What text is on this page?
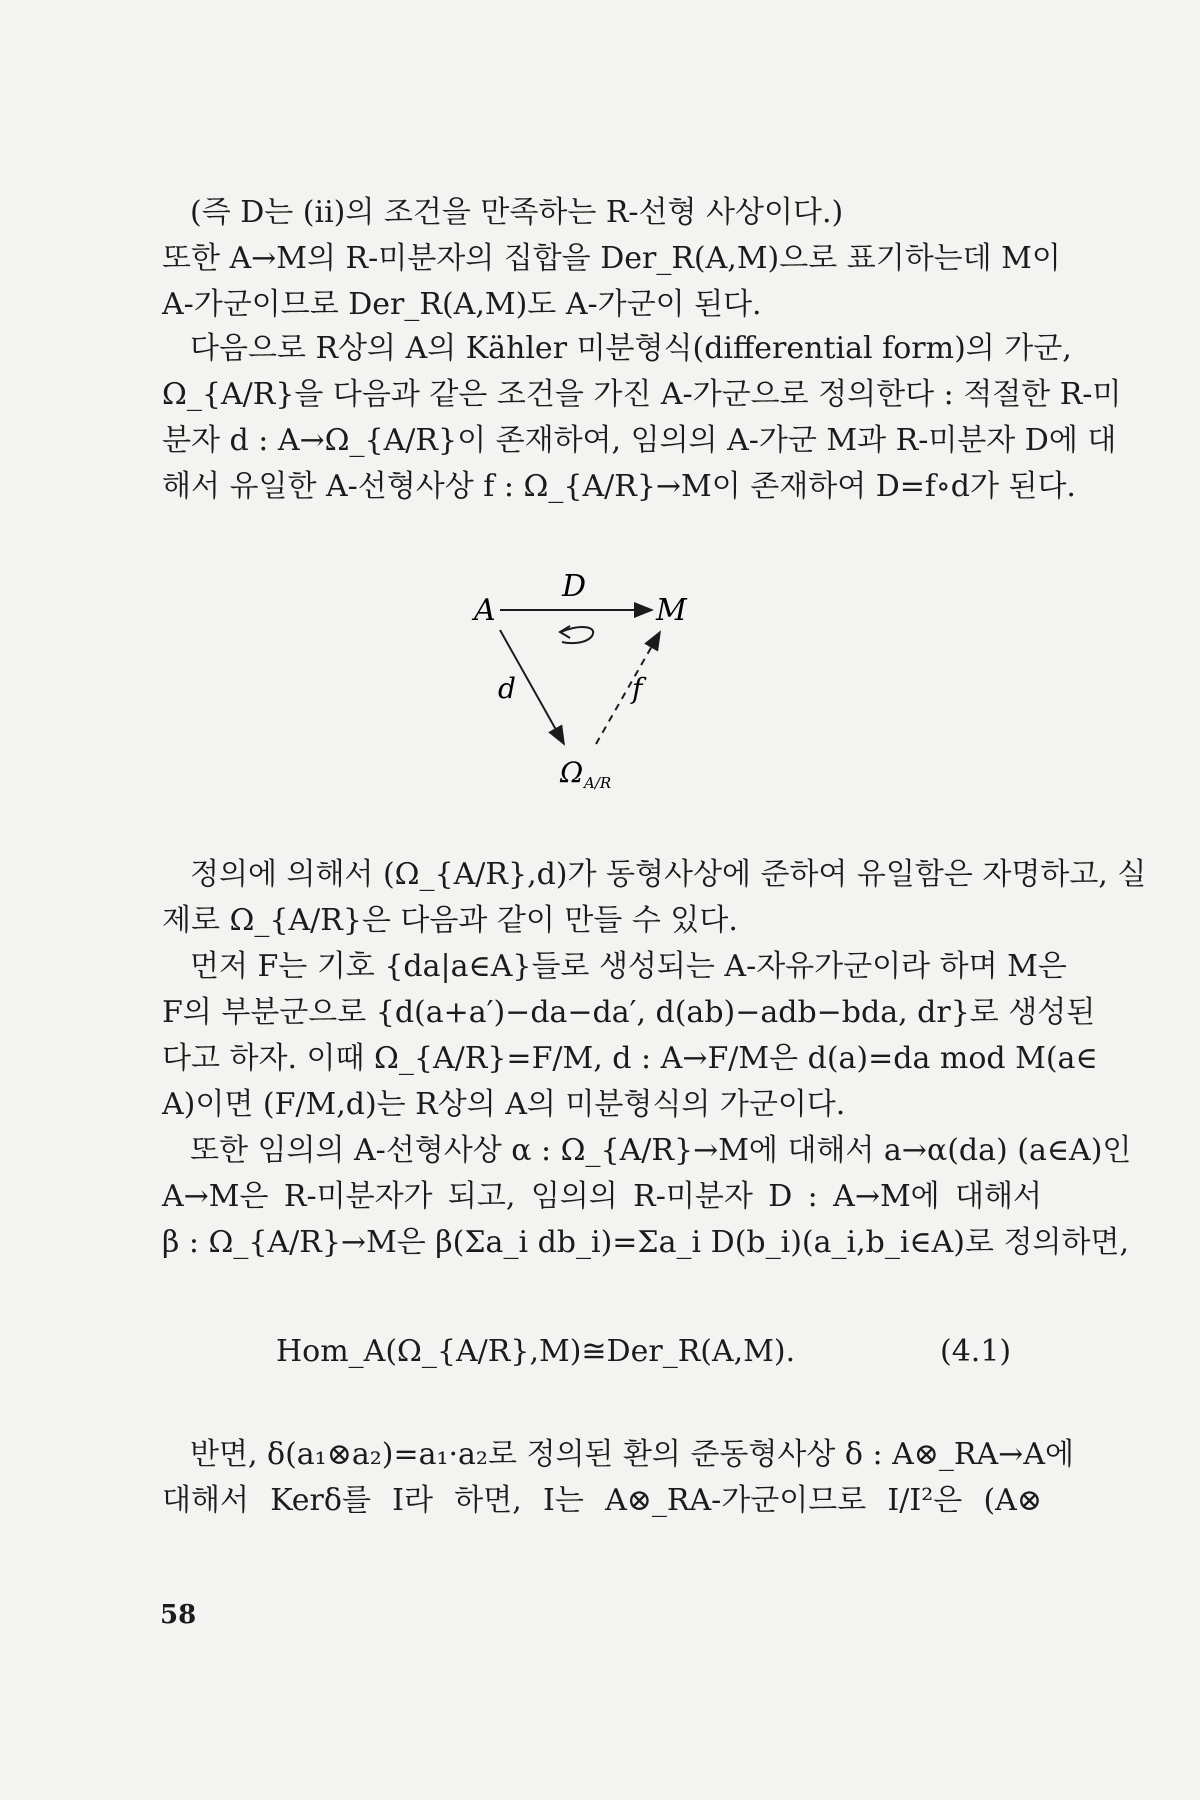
(즉 D는 (ii)의 조건을 만족하는 R-선형 사상이다.)
또한 A→M의 R-미분자의 집합을 Der_R(A,M)으로 표기하는데 M이
A-가군이므로 Der_R(A,M)도 A-가군이 된다.
다음으로 R상의 A의 Kähler 미분형식(differential form)의 가군,
Ω_{A/R}을 다음과 같은 조건을 가진 A-가군으로 정의한다 : 적절한 R-미
분자 d : A→Ω_{A/R}이 존재하여, 임의의 A-가군 M과 R-미분자 D에 대
해서 유일한 A-선형사상 f : Ω_{A/R}→M이 존재하여 D=f∘d가 된다.
A	M
D
d	f
Ω A/R
정의에 의해서 (Ω_{A/R},d)가 동형사상에 준하여 유일함은 자명하고, 실
제로 Ω_{A/R}은 다음과 같이 만들 수 있다.
먼저 F는 기호 {da|a∈A}들로 생성되는 A-자유가군이라 하며 M은
F의 부분군으로 {d(a+a′)−da−da′, d(ab)−adb−bda, dr}로 생성된
다고 하자. 이때 Ω_{A/R}=F/M, d : A→F/M은 d(a)=da mod M(a∈
A)이면 (F/M,d)는 R상의 A의 미분형식의 가군이다.
또한 임의의 A-선형사상 α : Ω_{A/R}→M에 대해서 a→α(da) (a∈A)인
A→M은 R-미분자가 되고, 임의의 R-미분자 D : A→M에 대해서
β : Ω_{A/R}→M은 β(Σa_i db_i)=Σa_i D(b_i)(a_i,b_i∈A)로 정의하면,
Hom_A(Ω_{A/R},M)≅Der_R(A,M).	(4.1)
반면, δ(a₁⊗a₂)=a₁·a₂로 정의된 환의 준동형사상 δ : A⊗_RA→A에
대해서 Kerδ를 I라 하면, I는 A⊗_RA-가군이므로 I/I²은 (A⊗
58
